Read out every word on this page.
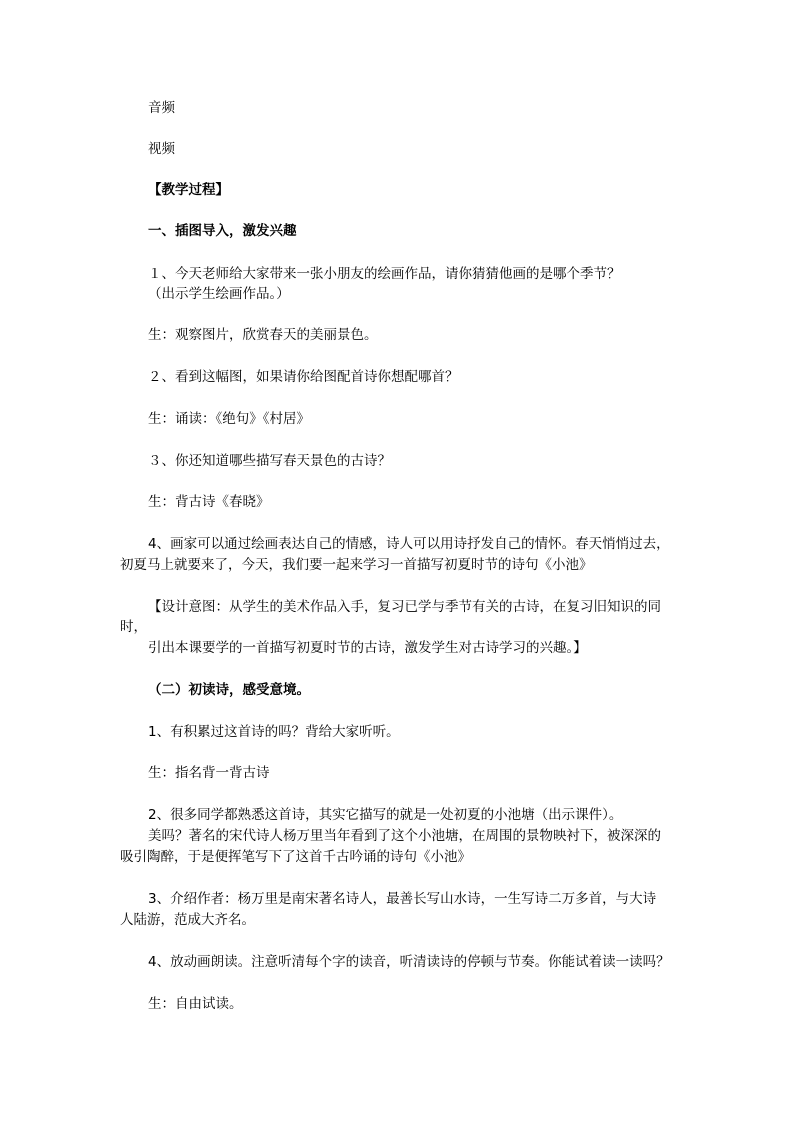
音频
视频
【教学过程】
一、插图导入，激发兴趣
１、今天老师给大家带来一张小朋友的绘画作品，请你猜猜他画的是哪个季节？
（出示学生绘画作品。）
生：观察图片，欣赏春天的美丽景色。
２、看到这幅图，如果请你给图配首诗你想配哪首？
生：诵读：《绝句》《村居》
３、你还知道哪些描写春天景色的古诗？
生：背古诗《春晓》
4、画家可以通过绘画表达自己的情感，诗人可以用诗抒发自己的情怀。春天悄悄过去，
初夏马上就要来了，今天，我们要一起来学习一首描写初夏时节的诗句《小池》
【设计意图：从学生的美术作品入手，复习已学与季节有关的古诗，在复习旧知识的同
时，
引出本课要学的一首描写初夏时节的古诗，激发学生对古诗学习的兴趣。】
（二）初读诗，感受意境。
1、有积累过这首诗的吗？背给大家听听。
生：指名背一背古诗
2、很多同学都熟悉这首诗，其实它描写的就是一处初夏的小池塘（出示课件）。
美吗？著名的宋代诗人杨万里当年看到了这个小池塘，在周围的景物映衬下，被深深的
吸引陶醉，于是便挥笔写下了这首千古吟诵的诗句《小池》
3、介绍作者：杨万里是南宋著名诗人，最善长写山水诗，一生写诗二万多首，与大诗
人陆游，范成大齐名。
4、放动画朗读。注意听清每个字的读音，听清读诗的停顿与节奏。你能试着读一读吗？
生：自由试读。
